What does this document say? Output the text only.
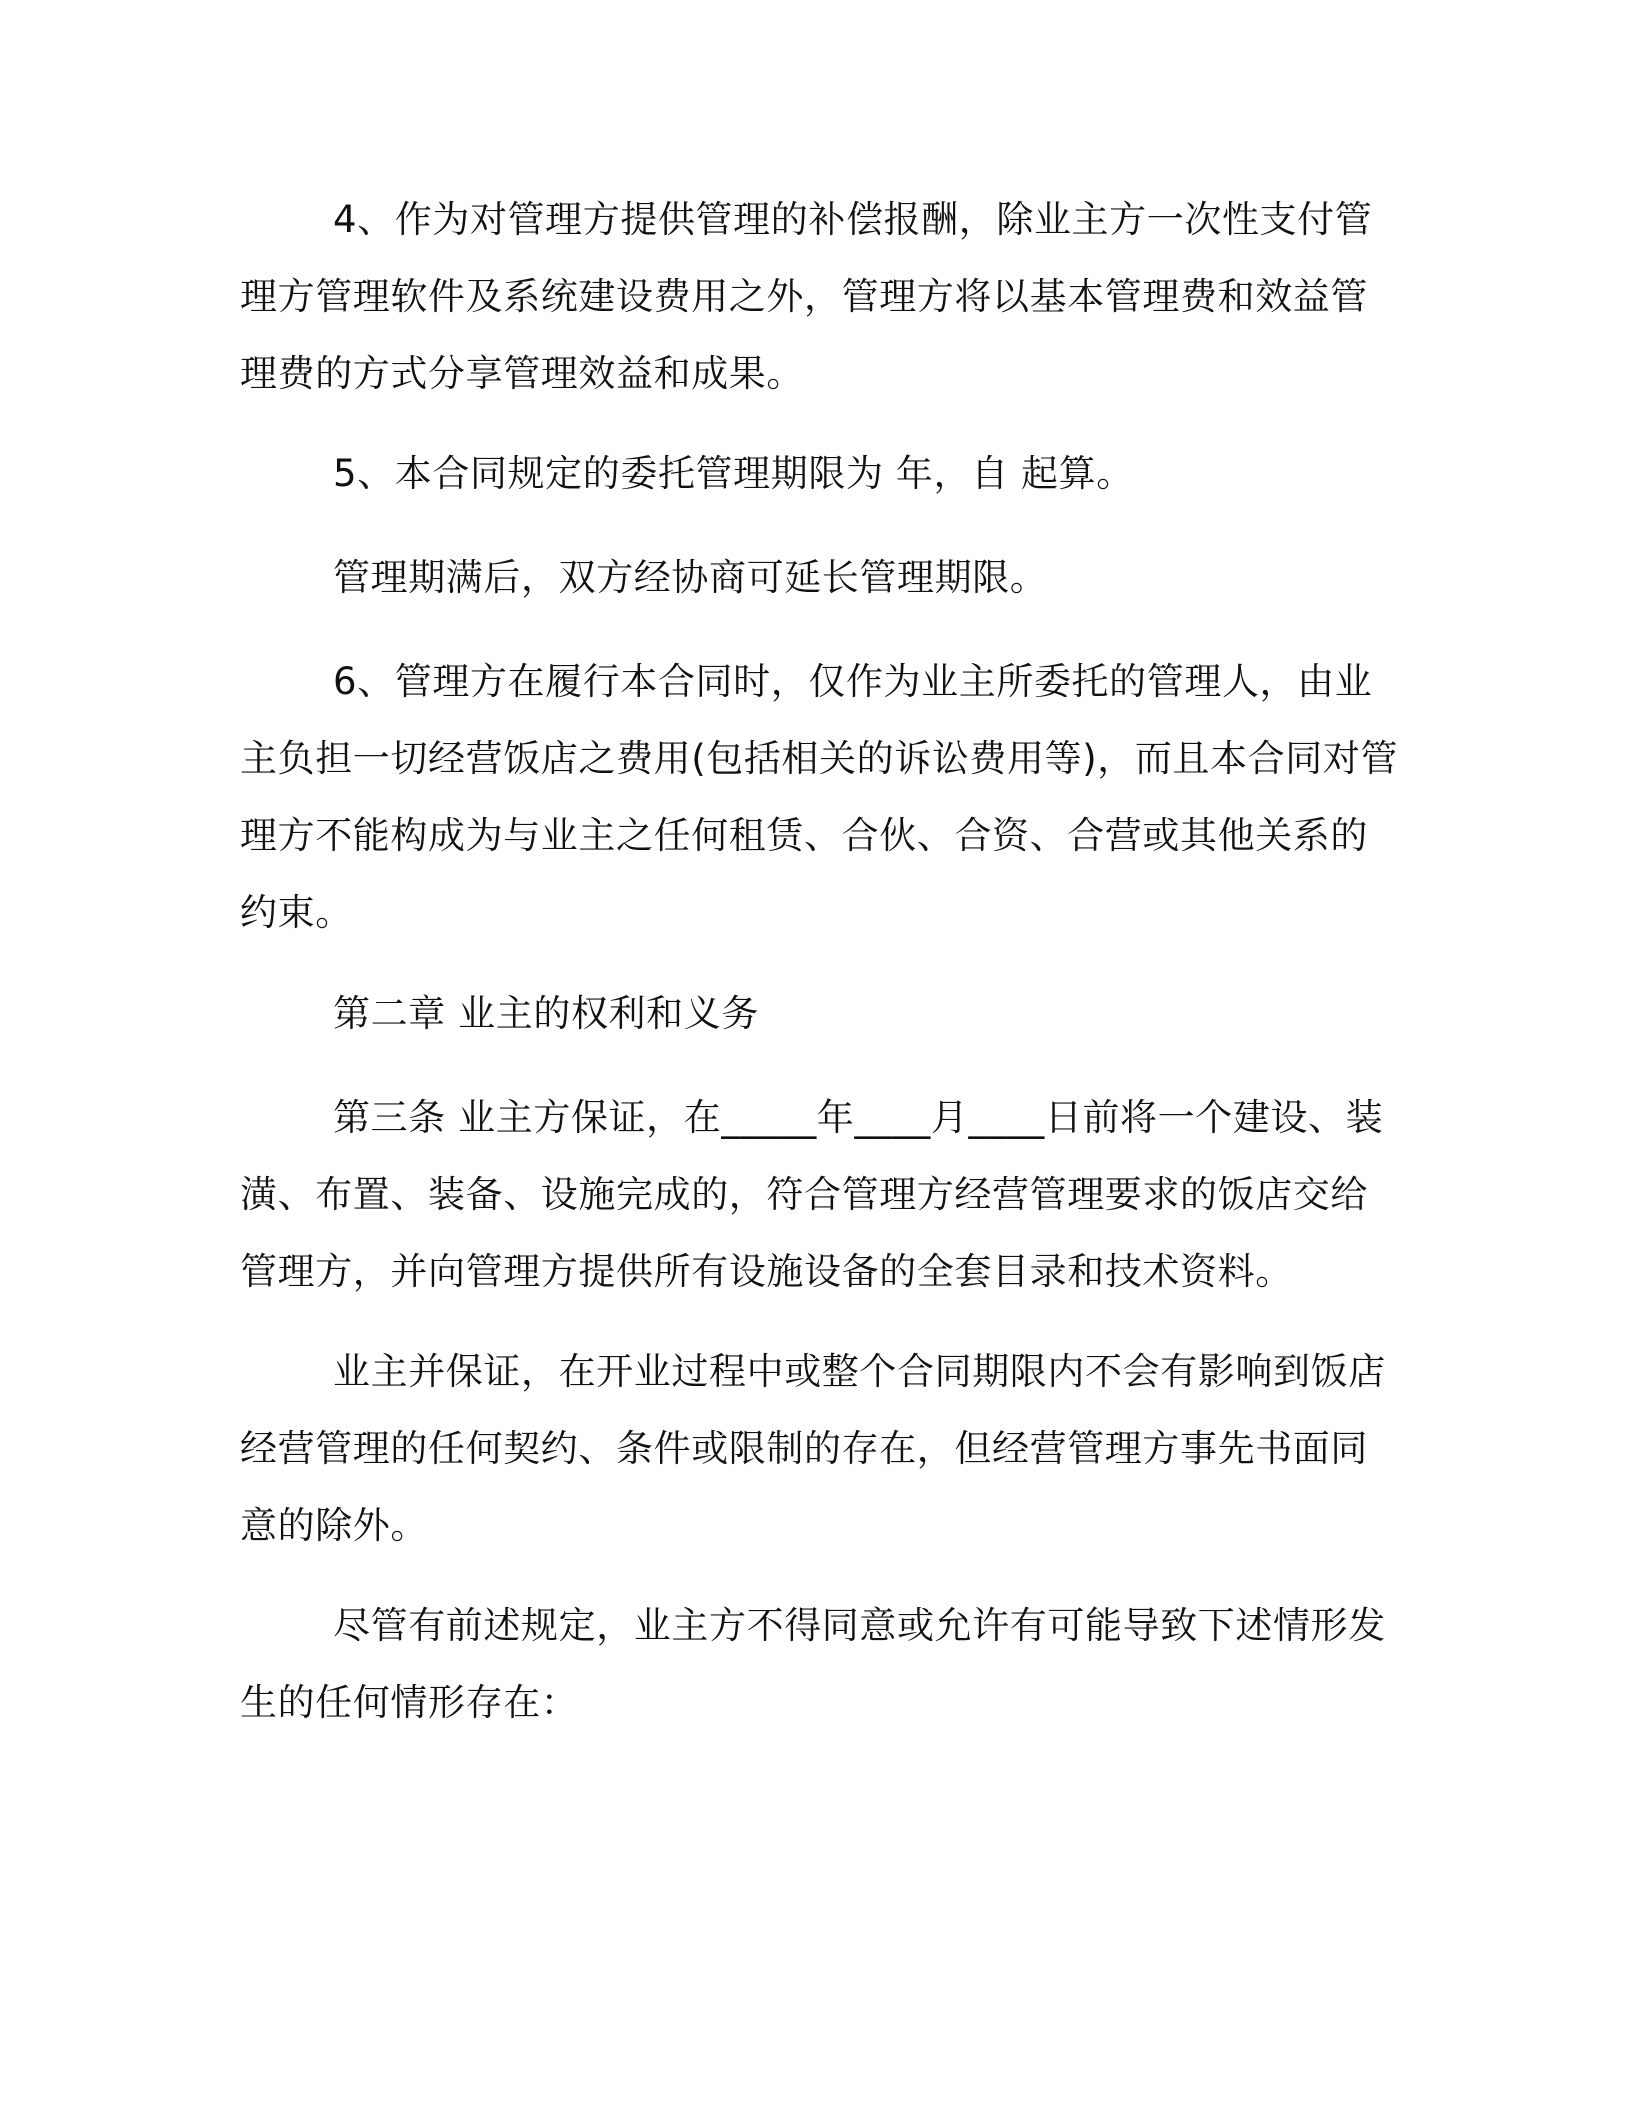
4、作为对管理方提供管理的补偿报酬，除业主方一次性支付管理方管理软件及系统建设费用之外，管理方将以基本管理费和效益管理费的方式分享管理效益和成果。

5、本合同规定的委托管理期限为 年，自 起算。

管理期满后，双方经协商可延长管理期限。

6、管理方在履行本合同时，仅作为业主所委托的管理人，由业主负担一切经营饭店之费用(包括相关的诉讼费用等)，而且本合同对管理方不能构成为与业主之任何租赁、合伙、合资、合营或其他关系的约束。

第二章 业主的权利和义务

第三条 业主方保证，在_____年____月____日前将一个建设、装潢、布置、装备、设施完成的，符合管理方经营管理要求的饭店交给管理方，并向管理方提供所有设施设备的全套目录和技术资料。

业主并保证，在开业过程中或整个合同期限内不会有影响到饭店经营管理的任何契约、条件或限制的存在，但经营管理方事先书面同意的除外。

尽管有前述规定，业主方不得同意或允许有可能导致下述情形发生的任何情形存在：
